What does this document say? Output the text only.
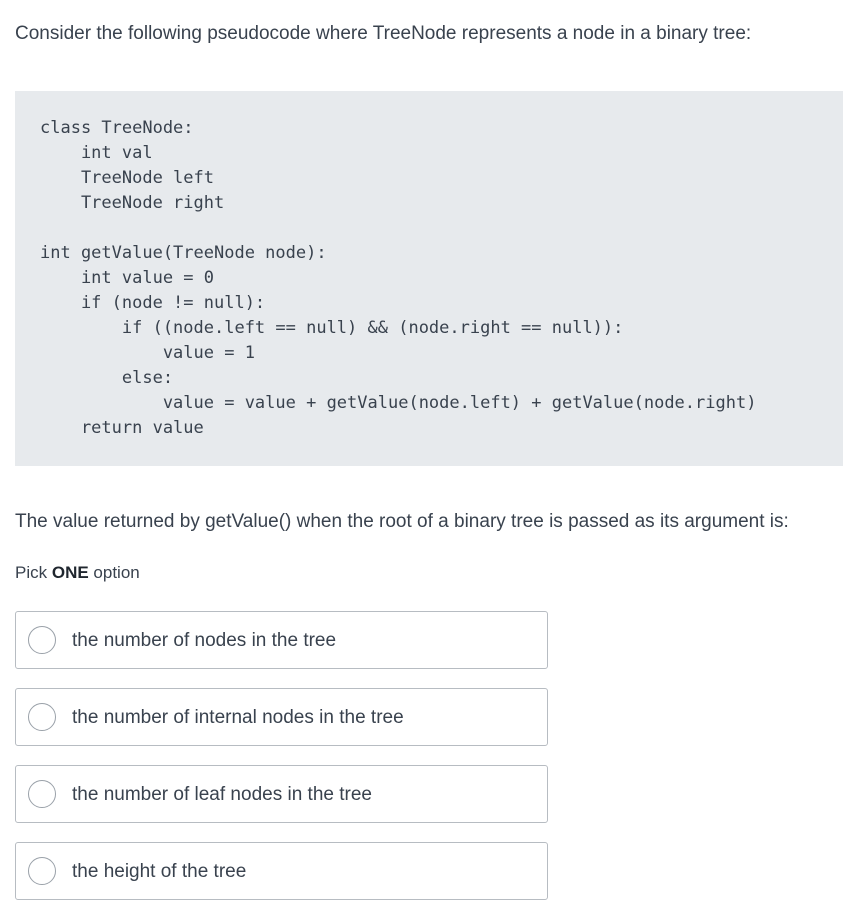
Consider the following pseudocode where TreeNode represents a node in a binary tree:
class TreeNode:
int val
TreeNode left
TreeNode right
int getValue(TreeNode node):
int value = 0
if (node != null):
if ((node.left == null) && (node.right == null)):
value = 1
else:
value = value + getValue(node.left) + getValue(node.right)
return value
The value returned by getValue() when the root of a binary tree is passed as its argument is:
Pick ONE option
the number of nodes in the tree
the number of internal nodes in the tree
the number of leaf nodes in the tree
the height of the tree
